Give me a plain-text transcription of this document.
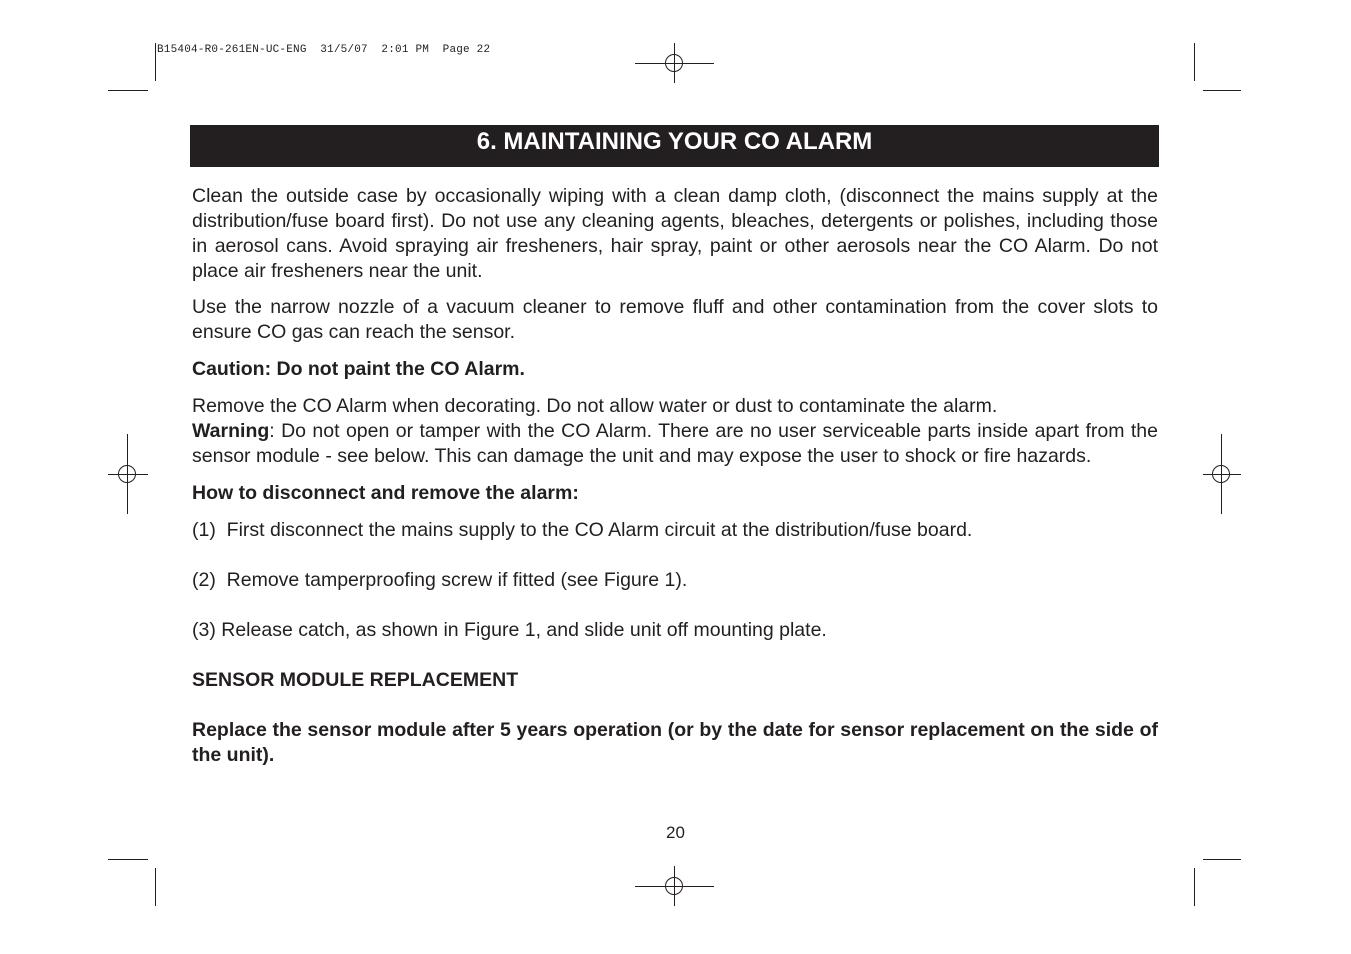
B15404-R0-261EN-UC-ENG  31/5/07  2:01 PM  Page 22
6. MAINTAINING YOUR CO ALARM

Clean the outside case by occasionally wiping with a clean damp cloth, (disconnect the mains supply at the distribution/fuse board first). Do not use any cleaning agents, bleaches, detergents or polishes, including those in aerosol cans. Avoid spraying air fresheners, hair spray, paint or other aerosols near the CO Alarm. Do not place air fresheners near the unit.

Use the narrow nozzle of a vacuum cleaner to remove fluff and other contamination from the cover slots to ensure CO gas can reach the sensor.

Caution: Do not paint the CO Alarm.

Remove the CO Alarm when decorating. Do not allow water or dust to contaminate the alarm.

Warning: Do not open or tamper with the CO Alarm. There are no user serviceable parts inside apart from the sensor module - see below. This can damage the unit and may expose the user to shock or fire hazards.

How to disconnect and remove the alarm:

(1)  First disconnect the mains supply to the CO Alarm circuit at the distribution/fuse board.

(2)  Remove tamperproofing screw if fitted (see Figure 1).

(3) Release catch, as shown in Figure 1, and slide unit off mounting plate.

SENSOR MODULE REPLACEMENT

Replace the sensor module after 5 years operation (or by the date for sensor replacement on the side of the unit).

20
